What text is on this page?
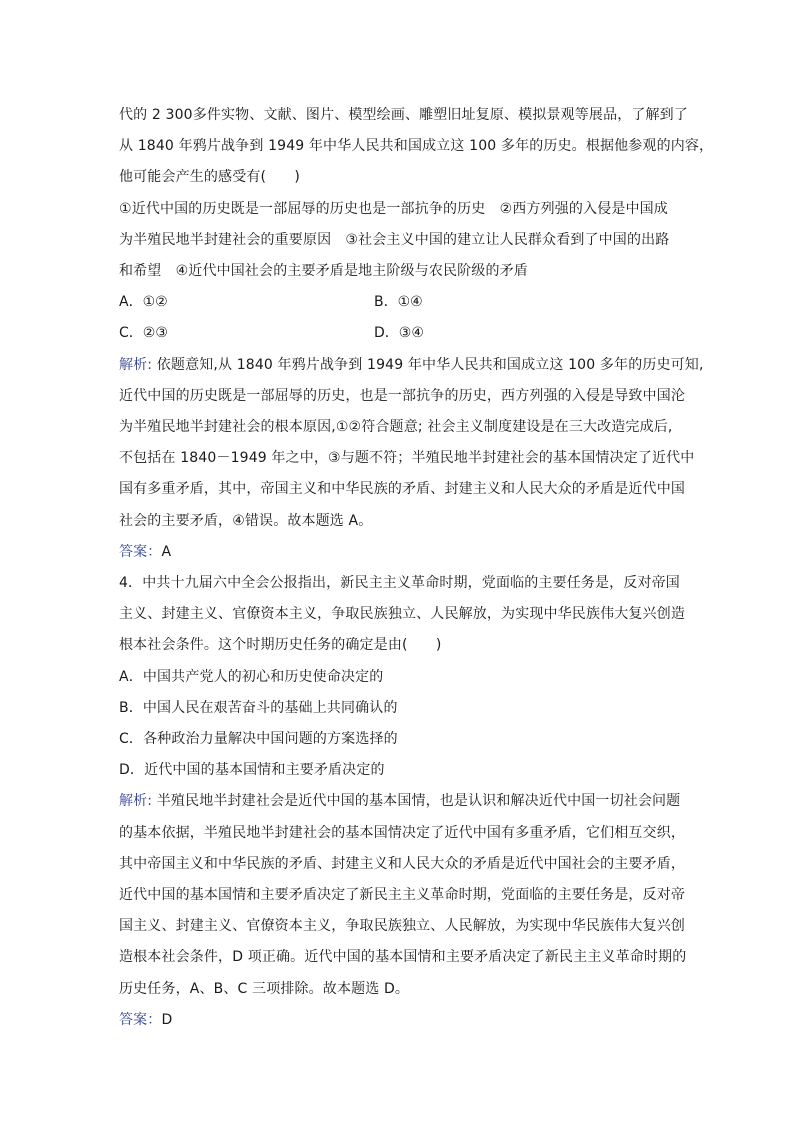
代的 2 300多件实物、文献、图片、模型绘画、雕塑旧址复原、模拟景观等展品，了解到了
从 1840 年鸦片战争到 1949 年中华人民共和国成立这 100 多年的历史。根据他参观的内容，
他可能会产生的感受有(　　)
①近代中国的历史既是一部屈辱的历史也是一部抗争的历史　②西方列强的入侵是中国成
为半殖民地半封建社会的重要原因　③社会主义中国的建立让人民群众看到了中国的出路
和希望　④近代中国社会的主要矛盾是地主阶级与农民阶级的矛盾
A．①②	B．①④
C．②③	D．③④
解析: 依题意知,从 1840 年鸦片战争到 1949 年中华人民共和国成立这 100 多年的历史可知,
近代中国的历史既是一部屈辱的历史，也是一部抗争的历史，西方列强的入侵是导致中国沦
为半殖民地半封建社会的根本原因,①②符合题意; 社会主义制度建设是在三大改造完成后,
不包括在 1840－1949 年之中，③与题不符；半殖民地半封建社会的基本国情决定了近代中
国有多重矛盾，其中，帝国主义和中华民族的矛盾、封建主义和人民大众的矛盾是近代中国
社会的主要矛盾，④错误。故本题选 A。
答案：A
4．中共十九届六中全会公报指出，新民主主义革命时期，党面临的主要任务是，反对帝国
主义、封建主义、官僚资本主义，争取民族独立、人民解放，为实现中华民族伟大复兴创造
根本社会条件。这个时期历史任务的确定是由(　　)
A．中国共产党人的初心和历史使命决定的
B．中国人民在艰苦奋斗的基础上共同确认的
C．各种政治力量解决中国问题的方案选择的
D．近代中国的基本国情和主要矛盾决定的
解析: 半殖民地半封建社会是近代中国的基本国情，也是认识和解决近代中国一切社会问题
的基本依据，半殖民地半封建社会的基本国情决定了近代中国有多重矛盾，它们相互交织，
其中帝国主义和中华民族的矛盾、封建主义和人民大众的矛盾是近代中国社会的主要矛盾，
近代中国的基本国情和主要矛盾决定了新民主主义革命时期，党面临的主要任务是，反对帝
国主义、封建主义、官僚资本主义，争取民族独立、人民解放，为实现中华民族伟大复兴创
造根本社会条件，D 项正确。近代中国的基本国情和主要矛盾决定了新民主主义革命时期的
历史任务，A、B、C 三项排除。故本题选 D。
答案：D
